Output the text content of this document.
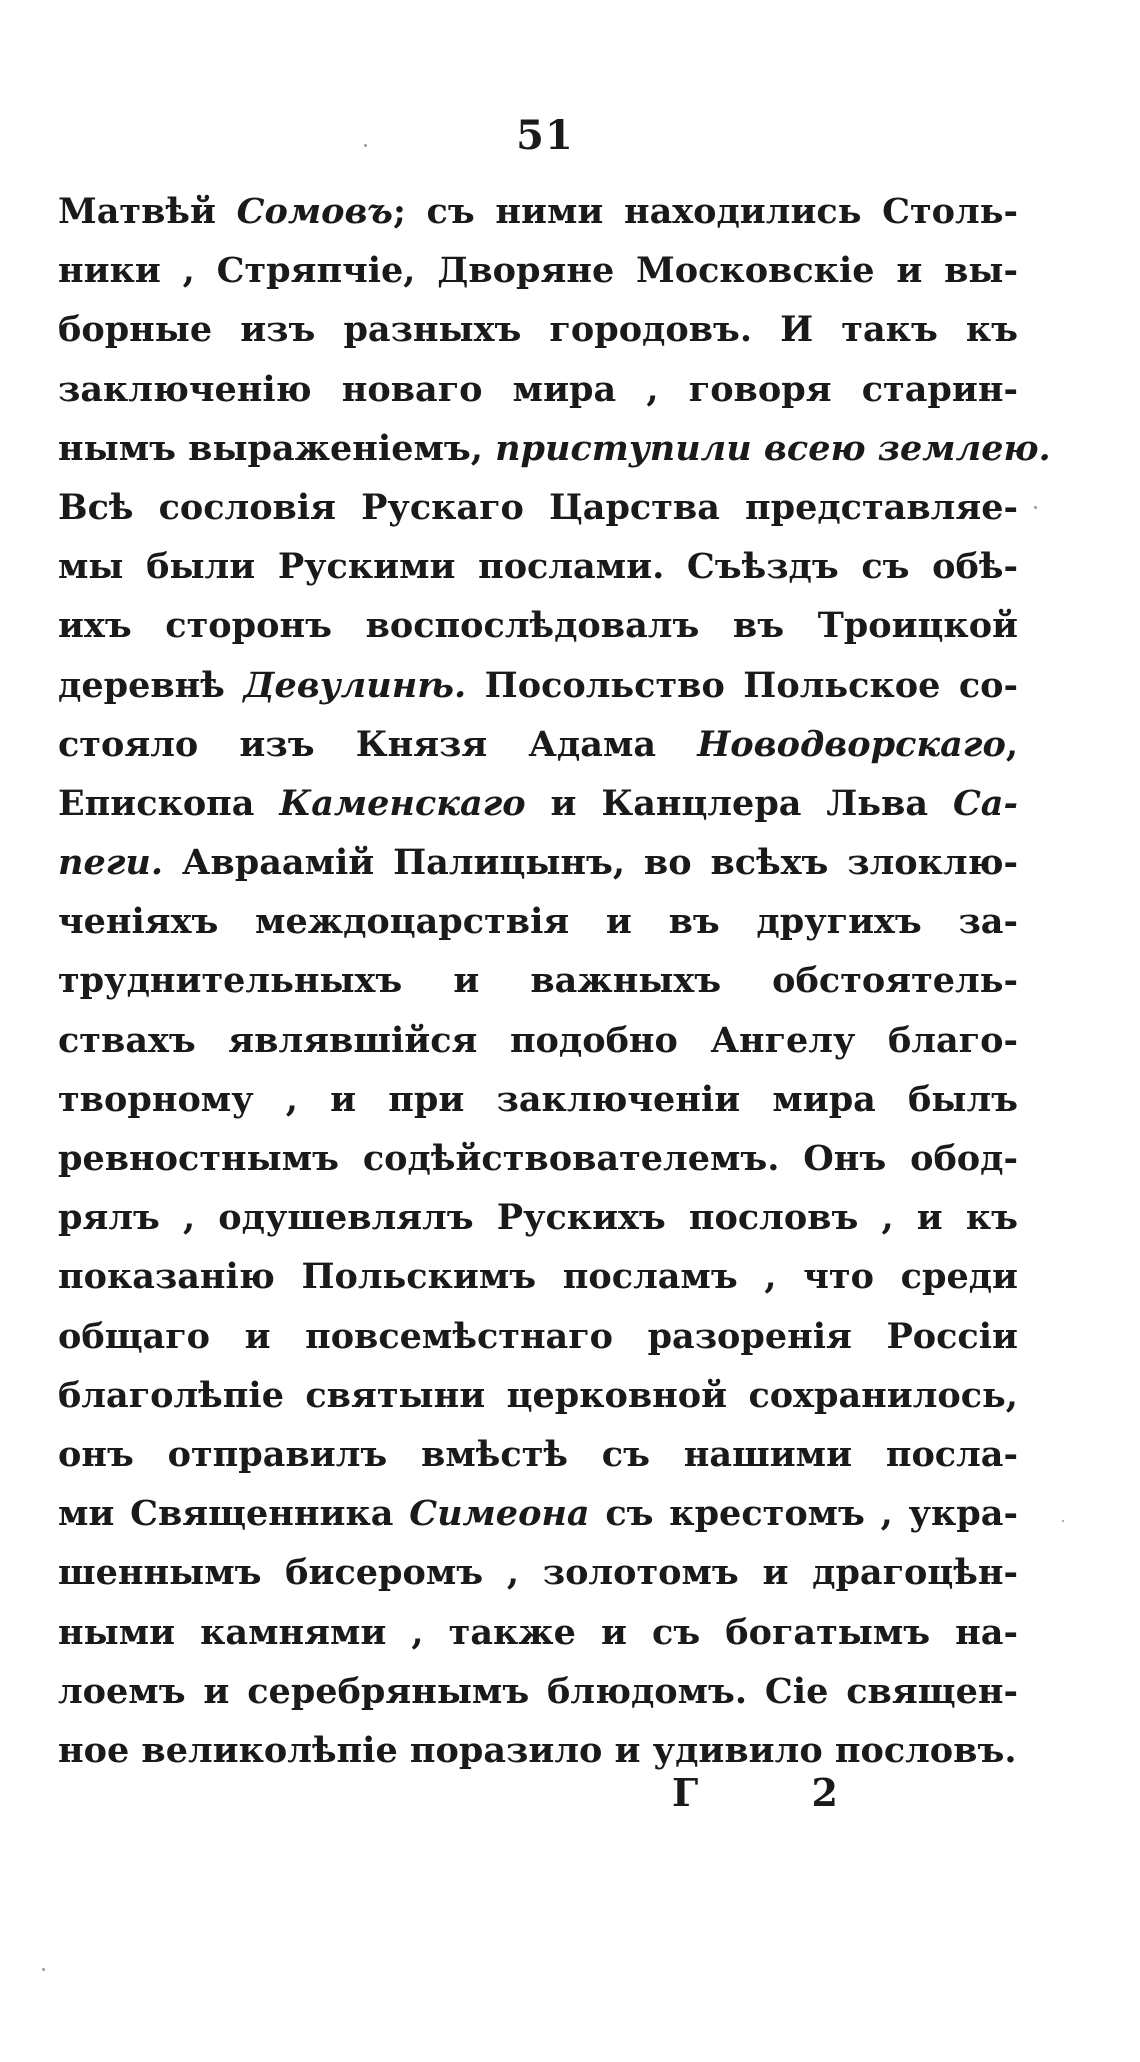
51
Матвѣй Сомовъ; съ ними находились Столь-
ники , Стряпчіе, Дворяне Московскіе и вы-
борные изъ разныхъ городовъ. И такъ къ
заключенію новаго мира , говоря старин-
нымъ выраженіемъ, приступили всею землею.
Всѣ сословія Рускаго Царства представляе-
мы были Рускими послами. Съѣздъ съ обѣ-
ихъ сторонъ воспослѣдовалъ въ Троицкой
деревнѣ Девулинѣ. Посольство Польское со-
стояло изъ Князя Адама Новодворскаго,
Епископа Каменскаго и Канцлера Льва Са-
пеги. Авраамій Палицынъ, во всѣхъ злоклю-
ченіяхъ междоцарствія и въ другихъ за-
труднительныхъ и важныхъ обстоятель-
ствахъ являвшійся подобно Ангелу благо-
творному , и при заключеніи мира былъ
ревностнымъ содѣйствователемъ. Онъ обод-
рялъ , одушевлялъ Рускихъ пословъ , и къ
показанію Польскимъ посламъ , что среди
общаго и повсемѣстнаго разоренія Россіи
благолѣпіе святыни церковной сохранилось,
онъ отправилъ вмѣстѣ съ нашими посла-
ми Священника Симеона съ крестомъ , укра-
шеннымъ бисеромъ , золотомъ и драгоцѣн-
ными камнями , также и съ богатымъ на-
лоемъ и серебрянымъ блюдомъ. Сіе священ-
ное великолѣпіе поразило и удивило пословъ.
Г 2
